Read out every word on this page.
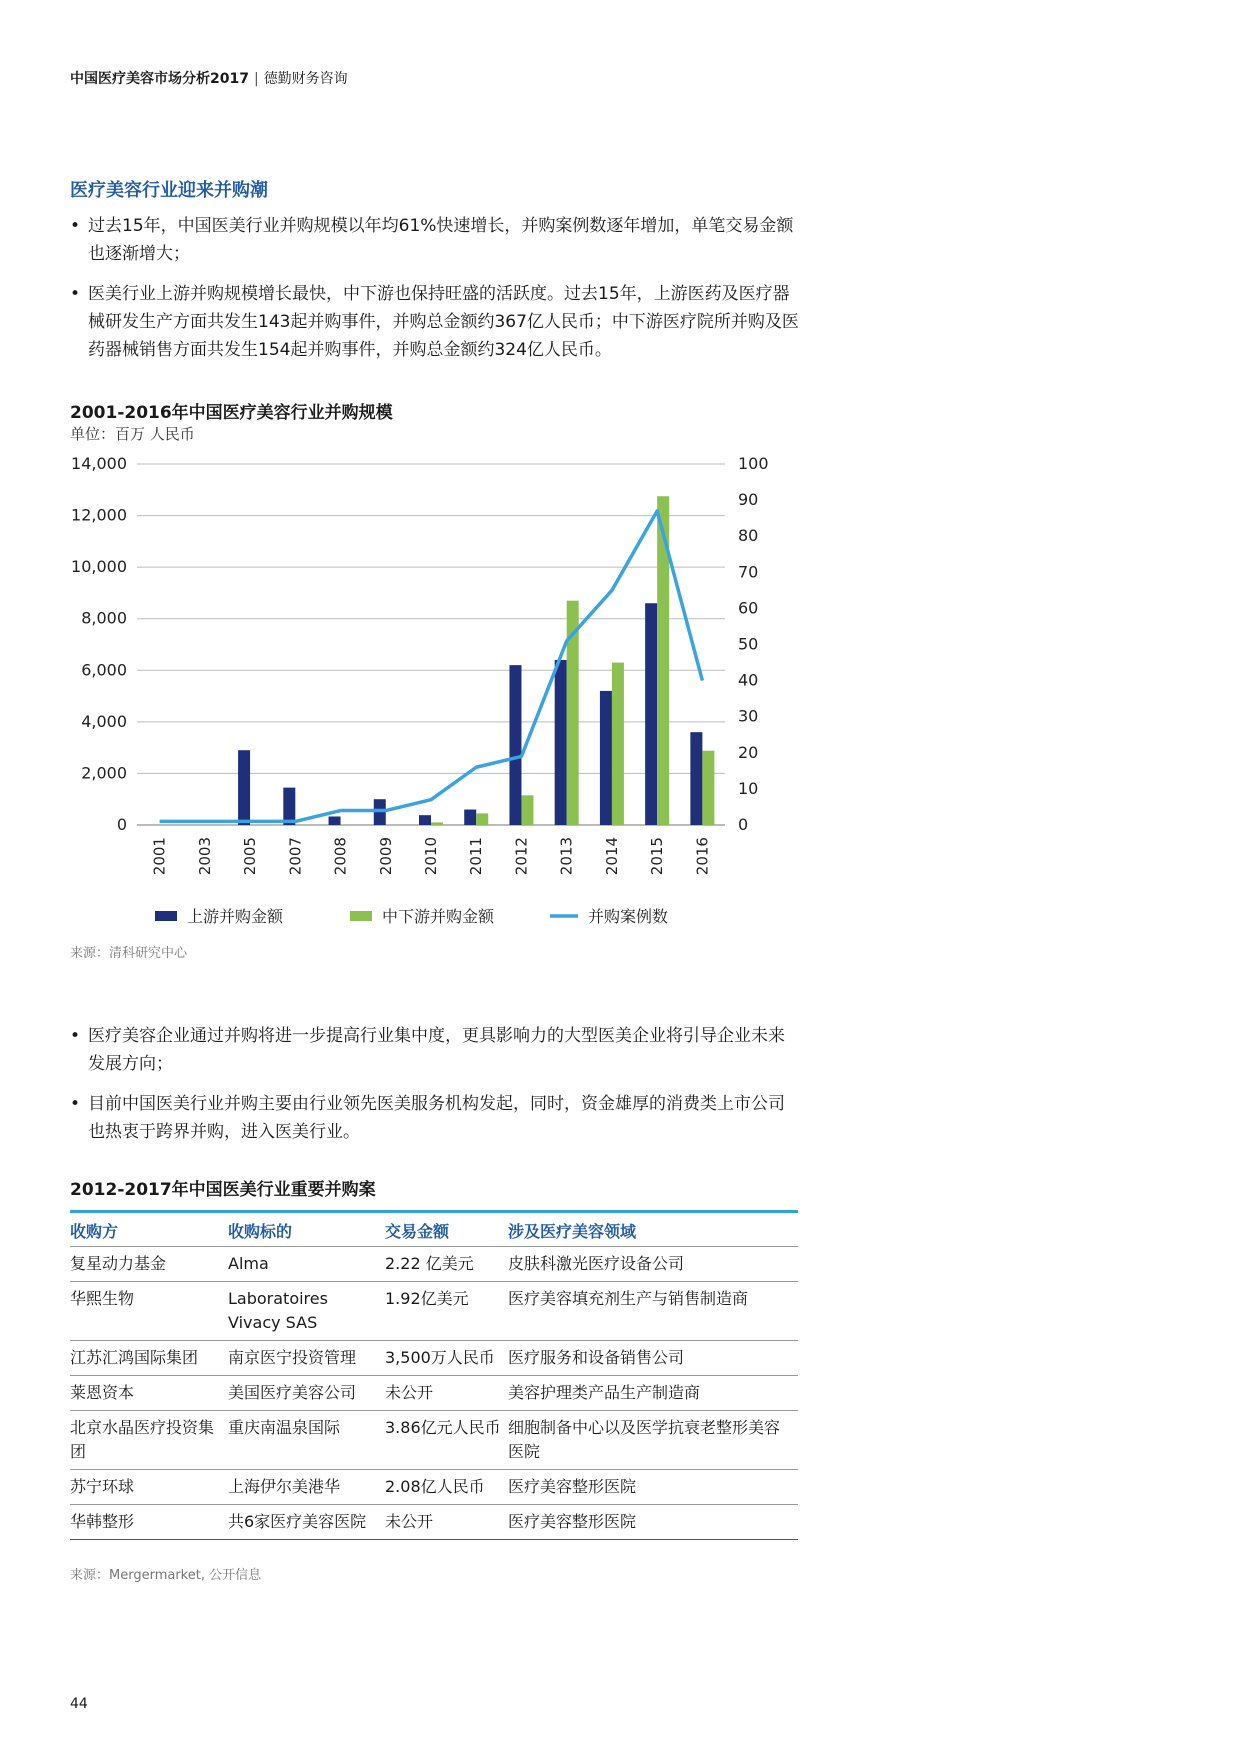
中国医疗美容市场分析2017 | 德勤财务咨询
医疗美容行业迎来并购潮
• 过去15年，中国医美行业并购规模以年均61%快速增长，并购案例数逐年增加，单笔交易金额也逐渐增大；
• 医美行业上游并购规模增长最快，中下游也保持旺盛的活跃度。过去15年，上游医药及医疗器械研发生产方面共发生143起并购事件，并购总金额约367亿人民币；中下游医疗院所并购及医药器械销售方面共发生154起并购事件，并购总金额约324亿人民币。
2001-2016年中国医疗美容行业并购规模
单位：百万 人民币
14,000
12,000
10,000
8,000
6,000
4,000
2,000
0
100
90
80
70
60
50
40
30
20
10
0
2001 2003 2005 2007 2008 2009 2010 2011 2012 2013 2014 2015 2016
上游并购金额	中下游并购金额	并购案例数
来源：清科研究中心
• 医疗美容企业通过并购将进一步提高行业集中度，更具影响力的大型医美企业将引导企业未来发展方向；
• 目前中国医美行业并购主要由行业领先医美服务机构发起，同时，资金雄厚的消费类上市公司也热衷于跨界并购，进入医美行业。
2012-2017年中国医美行业重要并购案
收购方	收购标的	交易金额	涉及医疗美容领域
复星动力基金	Alma	2.22 亿美元	皮肤科激光医疗设备公司
华熙生物	Laboratoires Vivacy SAS	1.92亿美元	医疗美容填充剂生产与销售制造商
江苏汇鸿国际集团	南京医宁投资管理	3,500万人民币	医疗服务和设备销售公司
莱恩资本	美国医疗美容公司	未公开	美容护理类产品生产制造商
北京水晶医疗投资集团	重庆南温泉国际	3.86亿元人民币	细胞制备中心以及医学抗衰老整形美容医院
苏宁环球	上海伊尔美港华	2.08亿人民币	医疗美容整形医院
华韩整形	共6家医疗美容医院	未公开	医疗美容整形医院
来源：Mergermarket, 公开信息
44
